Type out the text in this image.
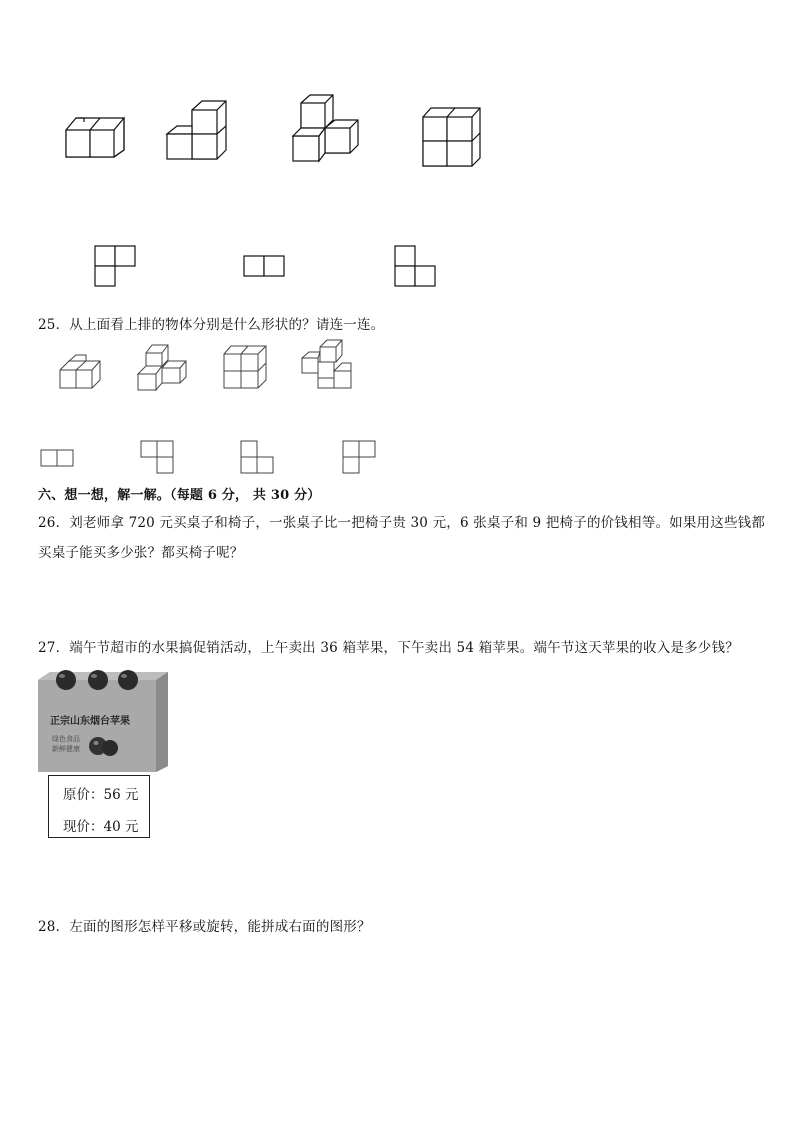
25．从上面看上排的物体分别是什么形状的？请连一连。
六、想一想，解一解。（每题 6 分， 共 30 分）
26．刘老师拿 720 元买桌子和椅子，一张桌子比一把椅子贵 30 元，6 张桌子和 9 把椅子的价钱相等。如果用这些钱都
买桌子能买多少张？都买椅子呢？
27．端午节超市的水果搞促销活动，上午卖出 36 箱苹果，下午卖出 54 箱苹果。端午节这天苹果的收入是多少钱？
正宗山东烟台苹果
绿色食品
新鲜健康
原价：56 元
现价：40 元
28．左面的图形怎样平移或旋转，能拼成右面的图形？
